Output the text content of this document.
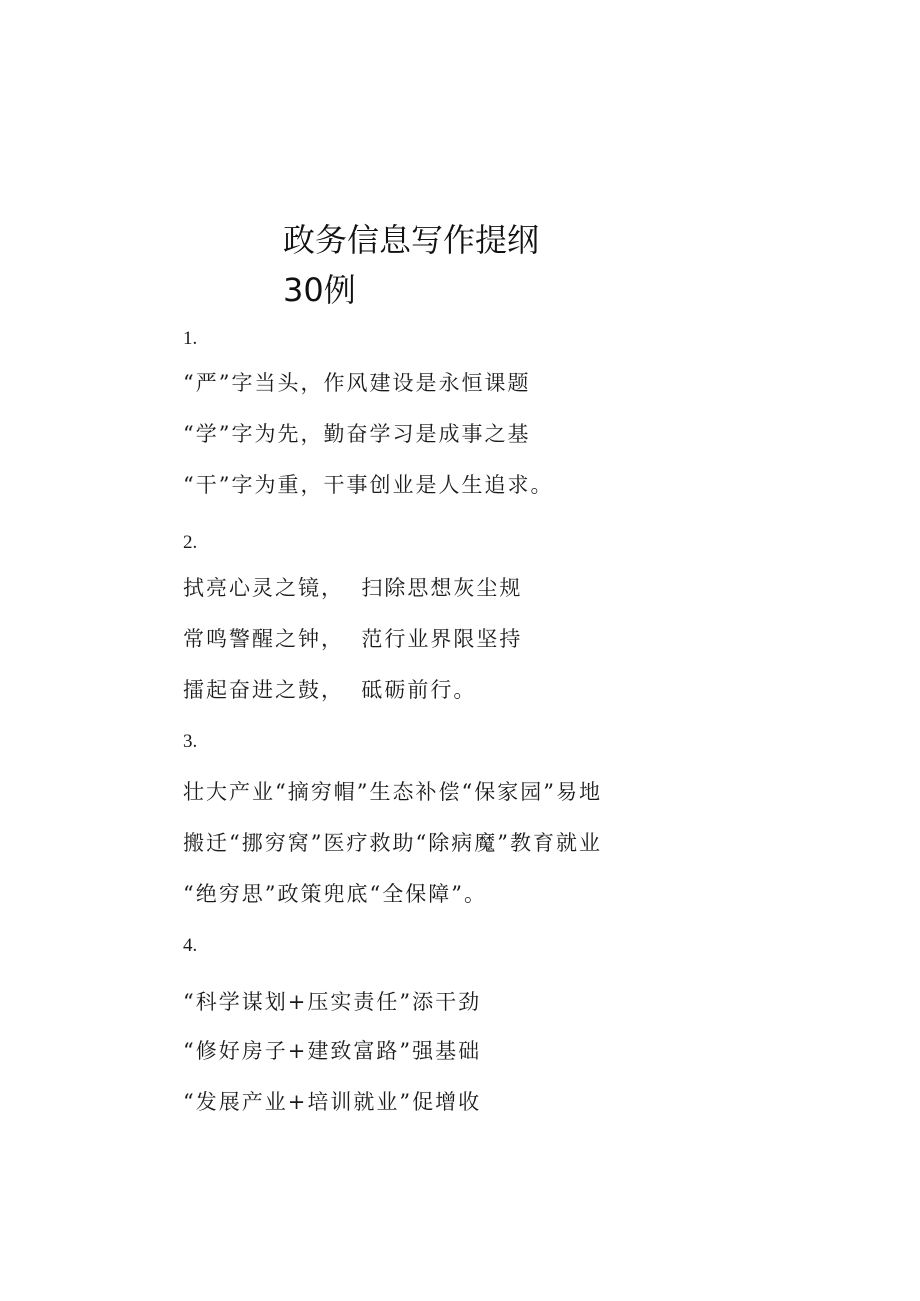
政务信息写作提纲
30例
1.
“严”字当头，作风建设是永恒课题
“学”字为先，勤奋学习是成事之基
“干”字为重，干事创业是人生追求。
2.
拭亮心灵之镜，  扫除思想灰尘规
常鸣警醒之钟，  范行业界限坚持
擂起奋进之鼓，  砥砺前行。
3.
壮大产业“摘穷帽”生态补偿“保家园”易地
搬迁“挪穷窝”医疗救助“除病魔”教育就业
“绝穷思”政策兜底“全保障”。
4.
“科学谋划+压实责任”添干劲
“修好房子+建致富路”强基础
“发展产业+培训就业”促增收
